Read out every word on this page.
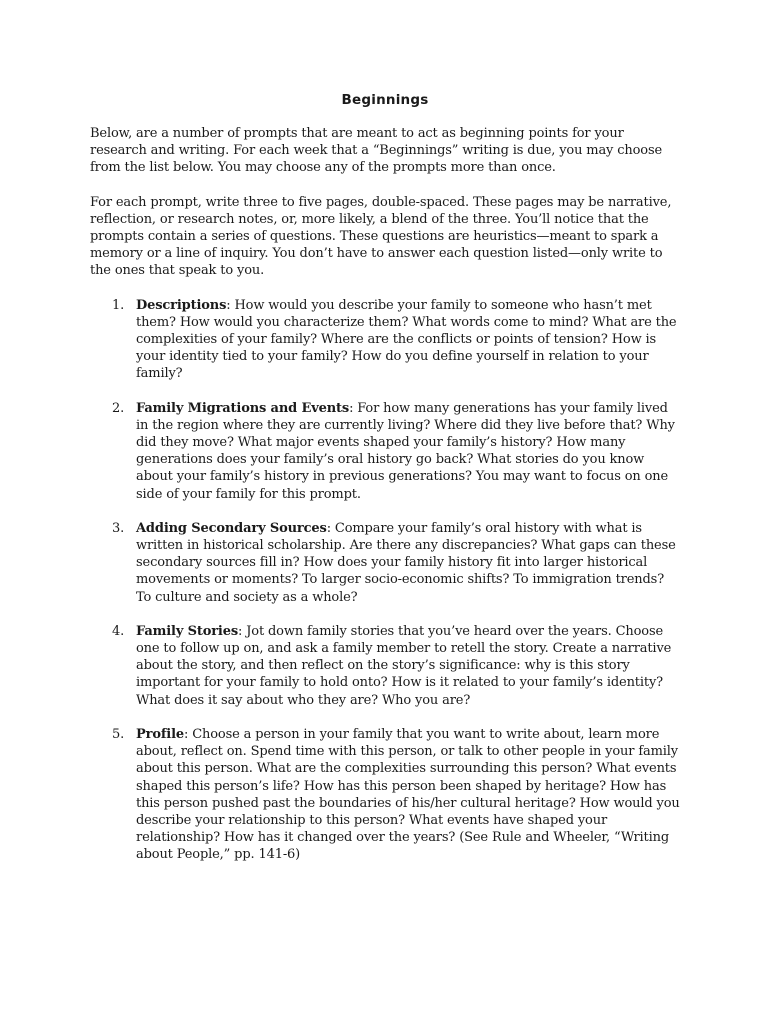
Beginnings

Below, are a number of prompts that are meant to act as beginning points for your research and writing. For each week that a “Beginnings” writing is due, you may choose from the list below. You may choose any of the prompts more than once.

For each prompt, write three to five pages, double-spaced. These pages may be narrative, reflection, or research notes, or, more likely, a blend of the three. You’ll notice that the prompts contain a series of questions. These questions are heuristics—meant to spark a memory or a line of inquiry. You don’t have to answer each question listed—only write to the ones that speak to you.

1. Descriptions: How would you describe your family to someone who hasn’t met them? How would you characterize them? What words come to mind? What are the complexities of your family? Where are the conflicts or points of tension? How is your identity tied to your family? How do you define yourself in relation to your family?
2. Family Migrations and Events: For how many generations has your family lived in the region where they are currently living? Where did they live before that? Why did they move? What major events shaped your family’s history? How many generations does your family’s oral history go back? What stories do you know about your family’s history in previous generations? You may want to focus on one side of your family for this prompt.
3. Adding Secondary Sources: Compare your family’s oral history with what is written in historical scholarship. Are there any discrepancies? What gaps can these secondary sources fill in? How does your family history fit into larger historical movements or moments? To larger socio-economic shifts? To immigration trends? To culture and society as a whole?
4. Family Stories: Jot down family stories that you’ve heard over the years. Choose one to follow up on, and ask a family member to retell the story. Create a narrative about the story, and then reflect on the story’s significance: why is this story important for your family to hold onto? How is it related to your family’s identity? What does it say about who they are? Who you are?
5. Profile: Choose a person in your family that you want to write about, learn more about, reflect on. Spend time with this person, or talk to other people in your family about this person. What are the complexities surrounding this person? What events shaped this person’s life? How has this person been shaped by heritage? How has this person pushed past the boundaries of his/her cultural heritage? How would you describe your relationship to this person? What events have shaped your relationship? How has it changed over the years? (See Rule and Wheeler, “Writing about People,” pp. 141-6)
